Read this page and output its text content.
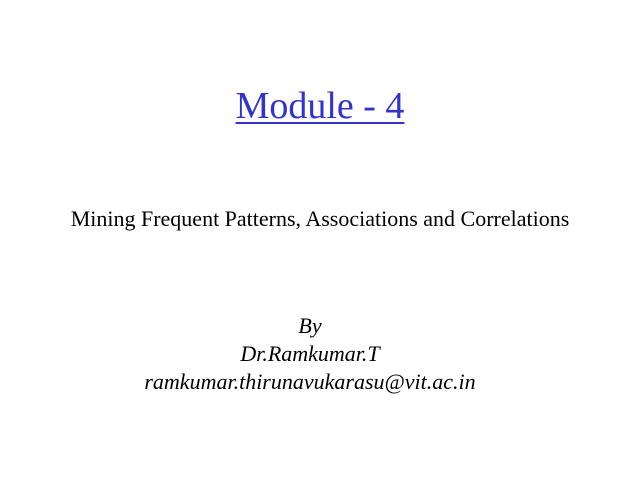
Module - 4
Mining Frequent Patterns, Associations and Correlations
By
Dr.Ramkumar.T
ramkumar.thirunavukarasu@vit.ac.in
